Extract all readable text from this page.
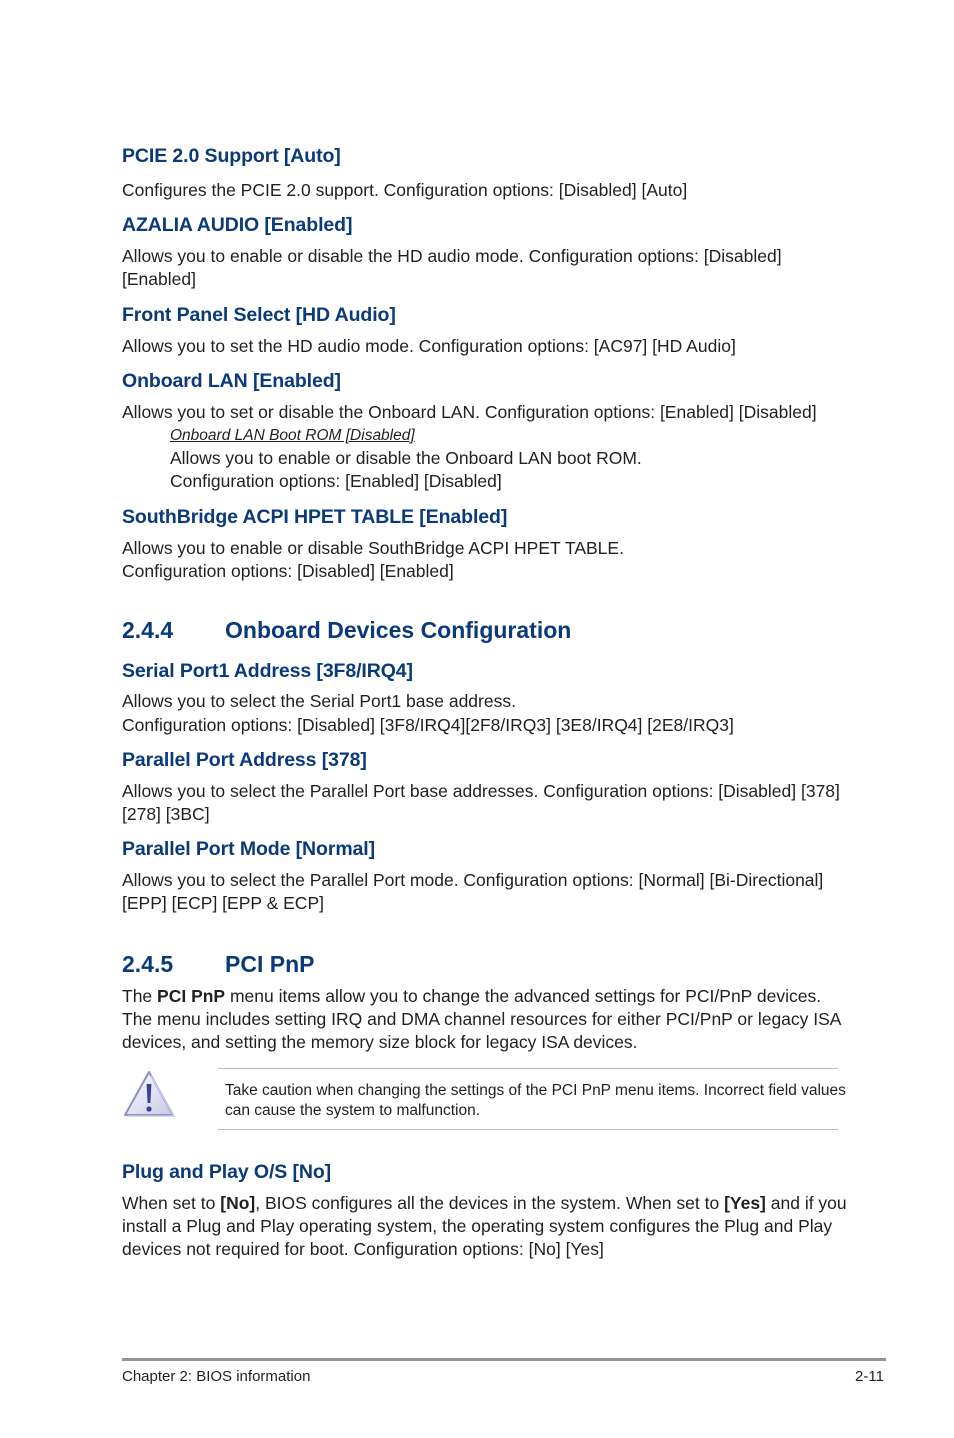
PCIE 2.0 Support [Auto]
Configures the PCIE 2.0 support. Configuration options: [Disabled] [Auto]
AZALIA AUDIO [Enabled]
Allows you to enable or disable the HD audio mode. Configuration options: [Disabled]
[Enabled]
Front Panel Select [HD Audio]
Allows you to set the HD audio mode. Configuration options: [AC97] [HD Audio]
Onboard LAN [Enabled]
Allows you to set or disable the Onboard LAN. Configuration options: [Enabled] [Disabled]
Onboard LAN Boot ROM [Disabled]
Allows you to enable or disable the Onboard LAN boot ROM.
Configuration options: [Enabled] [Disabled]
SouthBridge ACPI HPET TABLE [Enabled]
Allows you to enable or disable SouthBridge ACPI HPET TABLE.
Configuration options: [Disabled] [Enabled]
2.4.4 Onboard Devices Configuration
Serial Port1 Address [3F8/IRQ4]
Allows you to select the Serial Port1 base address.
Configuration options: [Disabled] [3F8/IRQ4][2F8/IRQ3] [3E8/IRQ4] [2E8/IRQ3]
Parallel Port Address [378]
Allows you to select the Parallel Port base addresses. Configuration options: [Disabled] [378]
[278] [3BC]
Parallel Port Mode [Normal]
Allows you to select the Parallel Port mode. Configuration options: [Normal] [Bi-Directional]
[EPP] [ECP] [EPP & ECP]
2.4.5 PCI PnP
The PCI PnP menu items allow you to change the advanced settings for PCI/PnP devices.
The menu includes setting IRQ and DMA channel resources for either PCI/PnP or legacy ISA
devices, and setting the memory size block for legacy ISA devices.
Take caution when changing the settings of the PCI PnP menu items. Incorrect field values
can cause the system to malfunction.
Plug and Play O/S [No]
When set to [No], BIOS configures all the devices in the system. When set to [Yes] and if you
install a Plug and Play operating system, the operating system configures the Plug and Play
devices not required for boot. Configuration options: [No] [Yes]
Chapter 2: BIOS information	2-11
